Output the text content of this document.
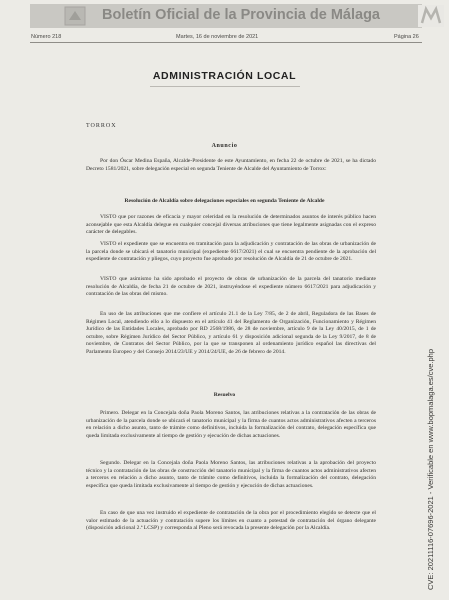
Boletín Oficial de la Provincia de Málaga
Número 218	Martes, 16 de noviembre de 2021	Página 26
ADMINISTRACIÓN LOCAL
TORROX
Anuncio
Por don Óscar Medina España, Alcalde-Presidente de este Ayuntamiento, en fecha 22 de octubre de 2021, se ha dictado Decreto 1581/2021, sobre delegación especial en segunda Teniente de Alcalde del Ayuntamiento de Torrox:
Resolución de Alcaldía sobre delegaciones especiales en segunda Teniente de Alcalde
VISTO que por razones de eficacia y mayor celeridad en la resolución de determinados asuntos de interés público hacen aconsejable que esta Alcaldía delegue en cualquier concejal diversas atribuciones que tiene legalmente asignadas con el expreso carácter de delegables.
VISTO el expediente que se encuentra en tramitación para la adjudicación y contratación de las obras de urbanización de la parcela donde se ubicará el tanatorio municipal (expediente 6617/2021) el cual se encuentra pendiente de la aprobación del expediente de contratación y pliegos, cuyo proyecto fue aprobado por resolución de Alcaldía de 21 de octubre de 2021.
VISTO que asimismo ha sido aprobado el proyecto de obras de urbanización de la parcela del tanatorio mediante resolución de Alcaldía, de fecha 21 de octubre de 2021, instruyéndose el expediente número 6617/2021 para adjudicación y contratación de las obras del mismo.
En uso de las atribuciones que me confiere el artículo 21.1 de la Ley 7/85, de 2 de abril, Reguladora de las Bases de Régimen Local, atendiendo ello a lo dispuesto en el artículo 41 del Reglamento de Organización, Funcionamiento y Régimen Jurídico de las Entidades Locales, aprobado por RD 2568/1986, de 28 de noviembre, artículo 9 de la Ley 40/2015, de 1 de octubre, sobre Régimen Jurídico del Sector Público, y artículo 61 y disposición adicional segunda de la Ley 9/2017, de 8 de noviembre, de Contratos del Sector Público, por la que se transponen al ordenamiento jurídico español las directivas del Parlamento Europeo y del Consejo 2014/23/UE y 2014/24/UE, de 26 de febrero de 2014.
Resuelvo
Primero. Delegar en la Concejala doña Paola Moreno Santos, las atribuciones relativas a la contratación de las obras de urbanización de la parcela donde se ubicará el tanatorio municipal y la firma de cuantos actos administrativos afecten a terceros en relación a dicho asunto, tanto de trámite como definitivos, incluida la formalización del contrato, delegación específica que queda limitada exclusivamente al tiempo de gestión y ejecución de dichas actuaciones.
Segundo. Delegar en la Concejala doña Paola Moreno Santos, las atribuciones relativas a la aprobación del proyecto técnico y la contratación de las obras de construcción del tanatorio municipal y la firma de cuantos actos administrativos afecten a terceros en relación a dicho asunto, tanto de trámite como definitivos, incluida la formalización del contrato, delegación específica que queda limitada exclusivamente al tiempo de gestión y ejecución de dichas actuaciones.
En caso de que una vez instruido el expediente de contratación de la obra por el procedimiento elegido se detecte que el valor estimado de la actuación y contratación supere los límites en cuanto a potestad de contratación del órgano delegante (disposición adicional 2.ª LCSP) y corresponda al Pleno será revocada la presente delegación por la Alcaldía.	CVE: 20211116-07696-2021 - Verificable en www.bopmalaga.es/cve.php
